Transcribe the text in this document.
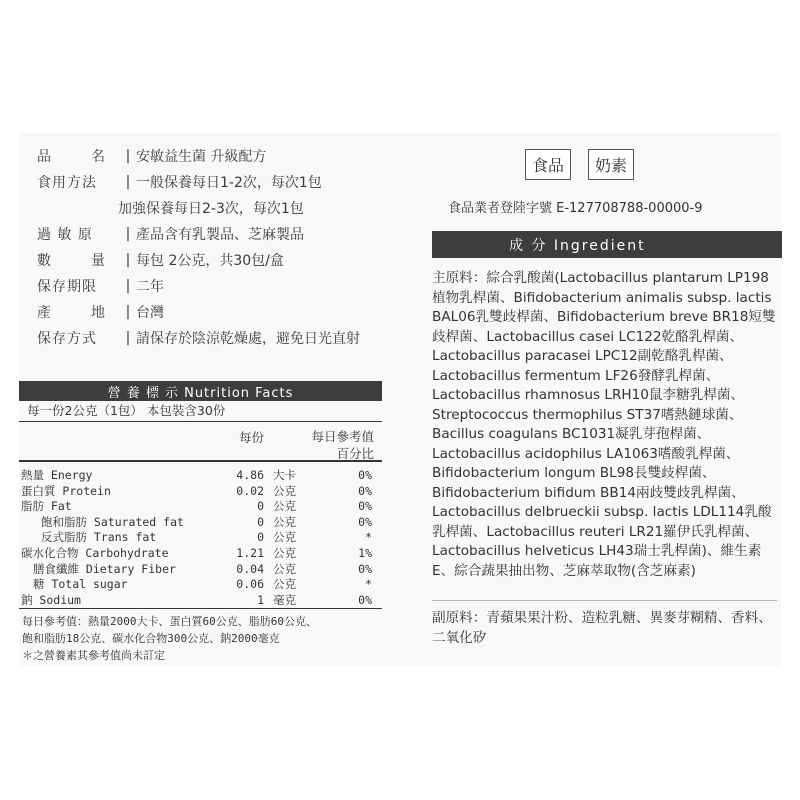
品	名 | 安敏益生菌 升級配方
食用方法	| 一般保養每日1-2次，每次1包
加強保養每日2-3次，每次1包
過 敏 原	| 產品含有乳製品、芝麻製品
數	量 | 每包 2公克，共30包/盒
保存期限	| 二年
產	地 | 台灣
保存方式	| 請保存於陰涼乾燥處，避免日光直射
營 養 標 示 Nutrition Facts
每一份2公克（1包） 本包裝含30份
每份	每日參考值
百分比
熱量 Energy	4.86 大卡	0%
蛋白質 Protein	0.02 公克	0%
脂肪 Fat	0 公克	0%
飽和脂肪 Saturated fat	0 公克	0%
反式脂肪 Trans fat	0 公克	*
碳水化合物 Carbohydrate	1.21 公克	1%
膳食纖維 Dietary Fiber	0.04 公克	0%
糖 Total sugar	0.06 公克	*
鈉 Sodium	1 毫克	0%
每日參考值：熱量2000大卡、蛋白質60公克、脂肪60公克、
飽和脂肪18公克、碳水化合物300公克、鈉2000毫克
＊之營養素其參考值尚未訂定
食品	奶素
食品業者登陸字號 E-127708788-00000-9
成 分 Ingredient
主原料：綜合乳酸菌(Lactobacillus plantarum LP198植物乳桿菌、Bifidobacterium animalis subsp. lactis BAL06乳雙歧桿菌、Bifidobacterium breve BR18短雙歧桿菌、Lactobacillus casei LC122乾酪乳桿菌、Lactobacillus paracasei LPC12副乾酪乳桿菌、Lactobacillus fermentum LF26發酵乳桿菌、Lactobacillus rhamnosus LRH10鼠李糖乳桿菌、Streptococcus thermophilus ST37嗜熱鏈球菌、Bacillus coagulans BC1031凝乳芽孢桿菌、Lactobacillus acidophilus LA1063嗜酸乳桿菌、Bifidobacterium longum BL98長雙歧桿菌、Bifidobacterium bifidum BB14兩歧雙歧乳桿菌、Lactobacillus delbrueckii subsp. lactis LDL114乳酸乳桿菌、Lactobacillus reuteri LR21羅伊氏乳桿菌、Lactobacillus helveticus LH43瑞士乳桿菌)、維生素E、綜合蔬果抽出物、芝麻萃取物(含芝麻素)
副原料：青蘋果果汁粉、造粒乳糖、異麥芽糊精、香料、二氧化矽
